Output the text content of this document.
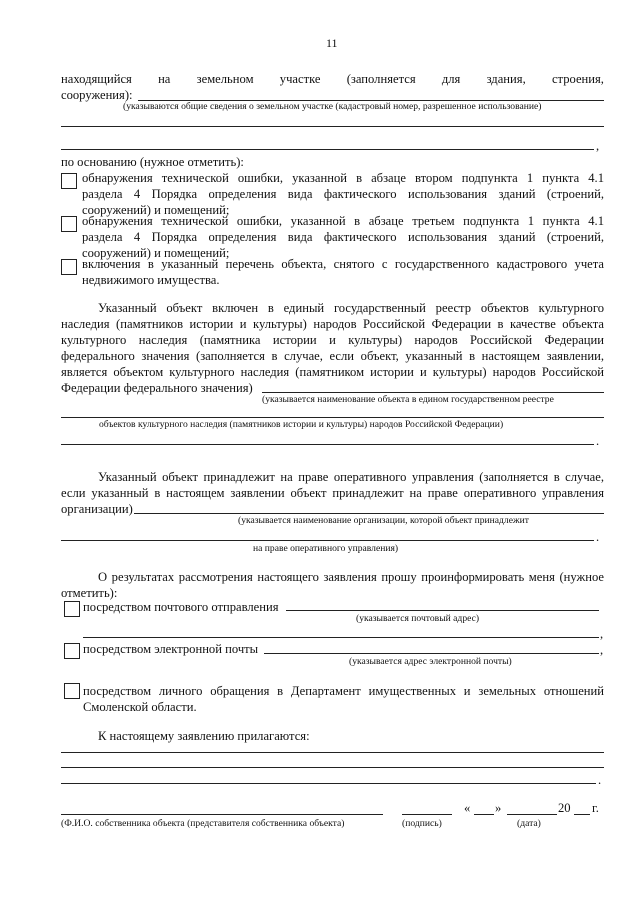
11
находящийся на земельном участке (заполняется для здания, строения,
сооружения):
(указываются общие сведения о земельном участке (кадастровый номер, разрешенное использование)
,
по основанию (нужное отметить):
обнаружения технической ошибки, указанной в абзаце втором подпункта 1 пункта 4.1
раздела 4 Порядка определения вида фактического использования зданий (строений,
сооружений) и помещений;
обнаружения технической ошибки, указанной в абзаце третьем подпункта 1 пункта 4.1
раздела 4 Порядка определения вида фактического использования зданий (строений,
сооружений) и помещений;
включения в указанный перечень объекта, снятого с государственного кадастрового учета
недвижимого имущества.
Указанный объект включен в единый государственный реестр объектов культурного
наследия (памятников истории и культуры) народов Российской Федерации в качестве объекта
культурного наследия (памятника истории и культуры) народов Российской Федерации
федерального значения (заполняется в случае, если объект, указанный в настоящем заявлении,
является объектом культурного наследия (памятником истории и культуры) народов Российской
Федерации федерального значения)
(указывается наименование объекта в едином государственном реестре
объектов культурного наследия (памятников истории и культуры) народов Российской Федерации)
.
Указанный объект принадлежит на праве оперативного управления (заполняется в случае,
если указанный в настоящем заявлении объект принадлежит на праве оперативного управления
организации)
(указывается наименование организации, которой объект принадлежит
.
на праве оперативного управления)
О результатах рассмотрения настоящего заявления прошу проинформировать меня (нужное
отметить):
посредством почтового отправления
(указывается почтовый адрес)
,
посредством электронной почты	,
(указывается адрес электронной почты)
посредством личного обращения в Департамент имущественных и земельных отношений
Смоленской области.
К настоящему заявлению прилагаются:
.
« »	20 г.
(Ф.И.О. собственника объекта (представителя собственника объекта)	(подпись)	(дата)
